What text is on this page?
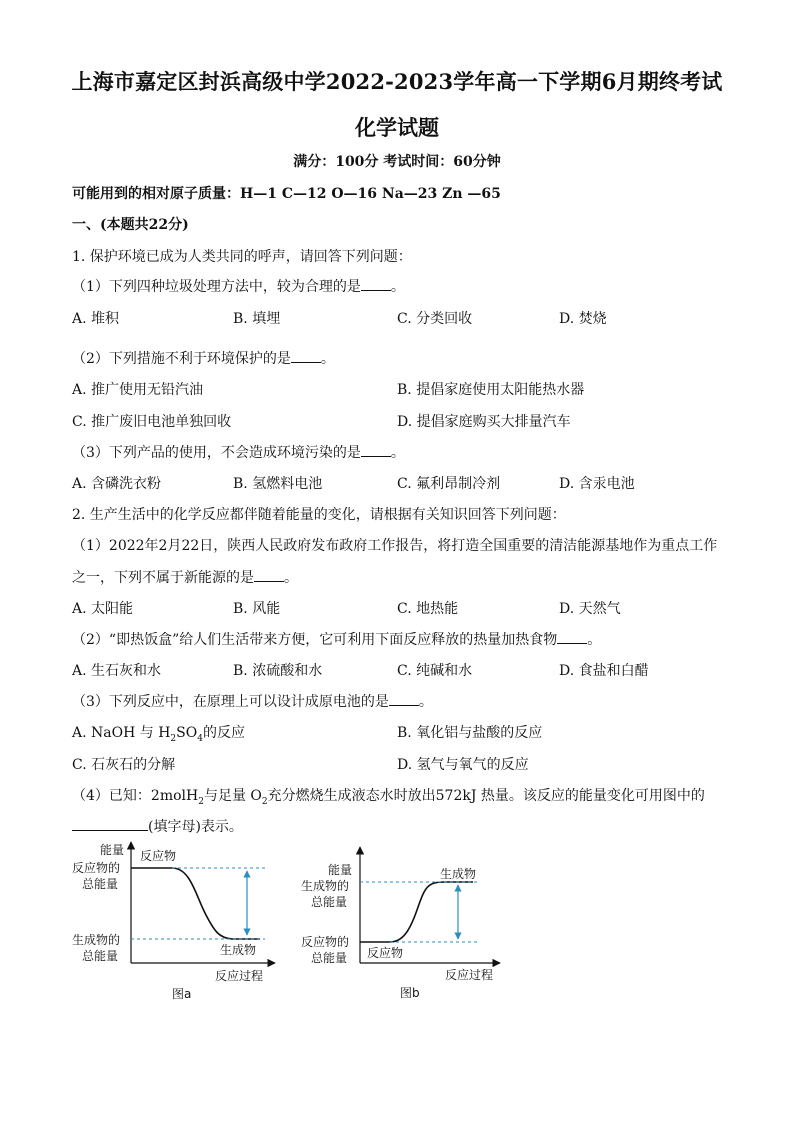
上海市嘉定区封浜高级中学2022-2023学年高一下学期6月期终考试
化学试题
满分：100分 考试时间：60分钟
可能用到的相对原子质量：H—1 C—12 O—16 Na—23 Zn —65
一、(本题共22分)
1. 保护环境已成为人类共同的呼声，请回答下列问题：
（1）下列四种垃圾处理方法中，较为合理的是 。
A. 堆积	B. 填埋	C. 分类回收	D. 焚烧
（2）下列措施不利于环境保护的是 。
A. 推广使用无铅汽油	B. 提倡家庭使用太阳能热水器
C. 推广废旧电池单独回收	D. 提倡家庭购买大排量汽车
（3）下列产品的使用，不会造成环境污染的是 。
A. 含磷洗衣粉	B. 氢燃料电池	C. 氟利昂制冷剂	D. 含汞电池
2. 生产生活中的化学反应都伴随着能量的变化，请根据有关知识回答下列问题：
（1）2022年2月22日，陕西人民政府发布政府工作报告，将打造全国重要的清洁能源基地作为重点工作
之一，下列不属于新能源的是 。
A. 太阳能	B. 风能	C. 地热能	D. 天然气
（2）“即热饭盒”给人们生活带来方便，它可利用下面反应释放的热量加热食物 。
A. 生石灰和水	B. 浓硫酸和水	C. 纯碱和水	D. 食盐和白醋
（3）下列反应中，在原理上可以设计成原电池的是 。
A. NaOH 与 $H_2SO_4$的反应	B. 氧化铝与盐酸的反应
C. 石灰石的分解	D. 氢气与氧气的反应
（4）已知：2molH$_2$与足量 $O_2$充分燃烧生成液态水时放出572kJ 热量。该反应的能量变化可用图中的
(填字母)表示。
能量
反应物的
总能量
反应物
生成物的
总能量	生成物
反应过程
图a
能量
生成物的
总能量
生成物
反应物的
总能量 反应物
反应过程
图b
